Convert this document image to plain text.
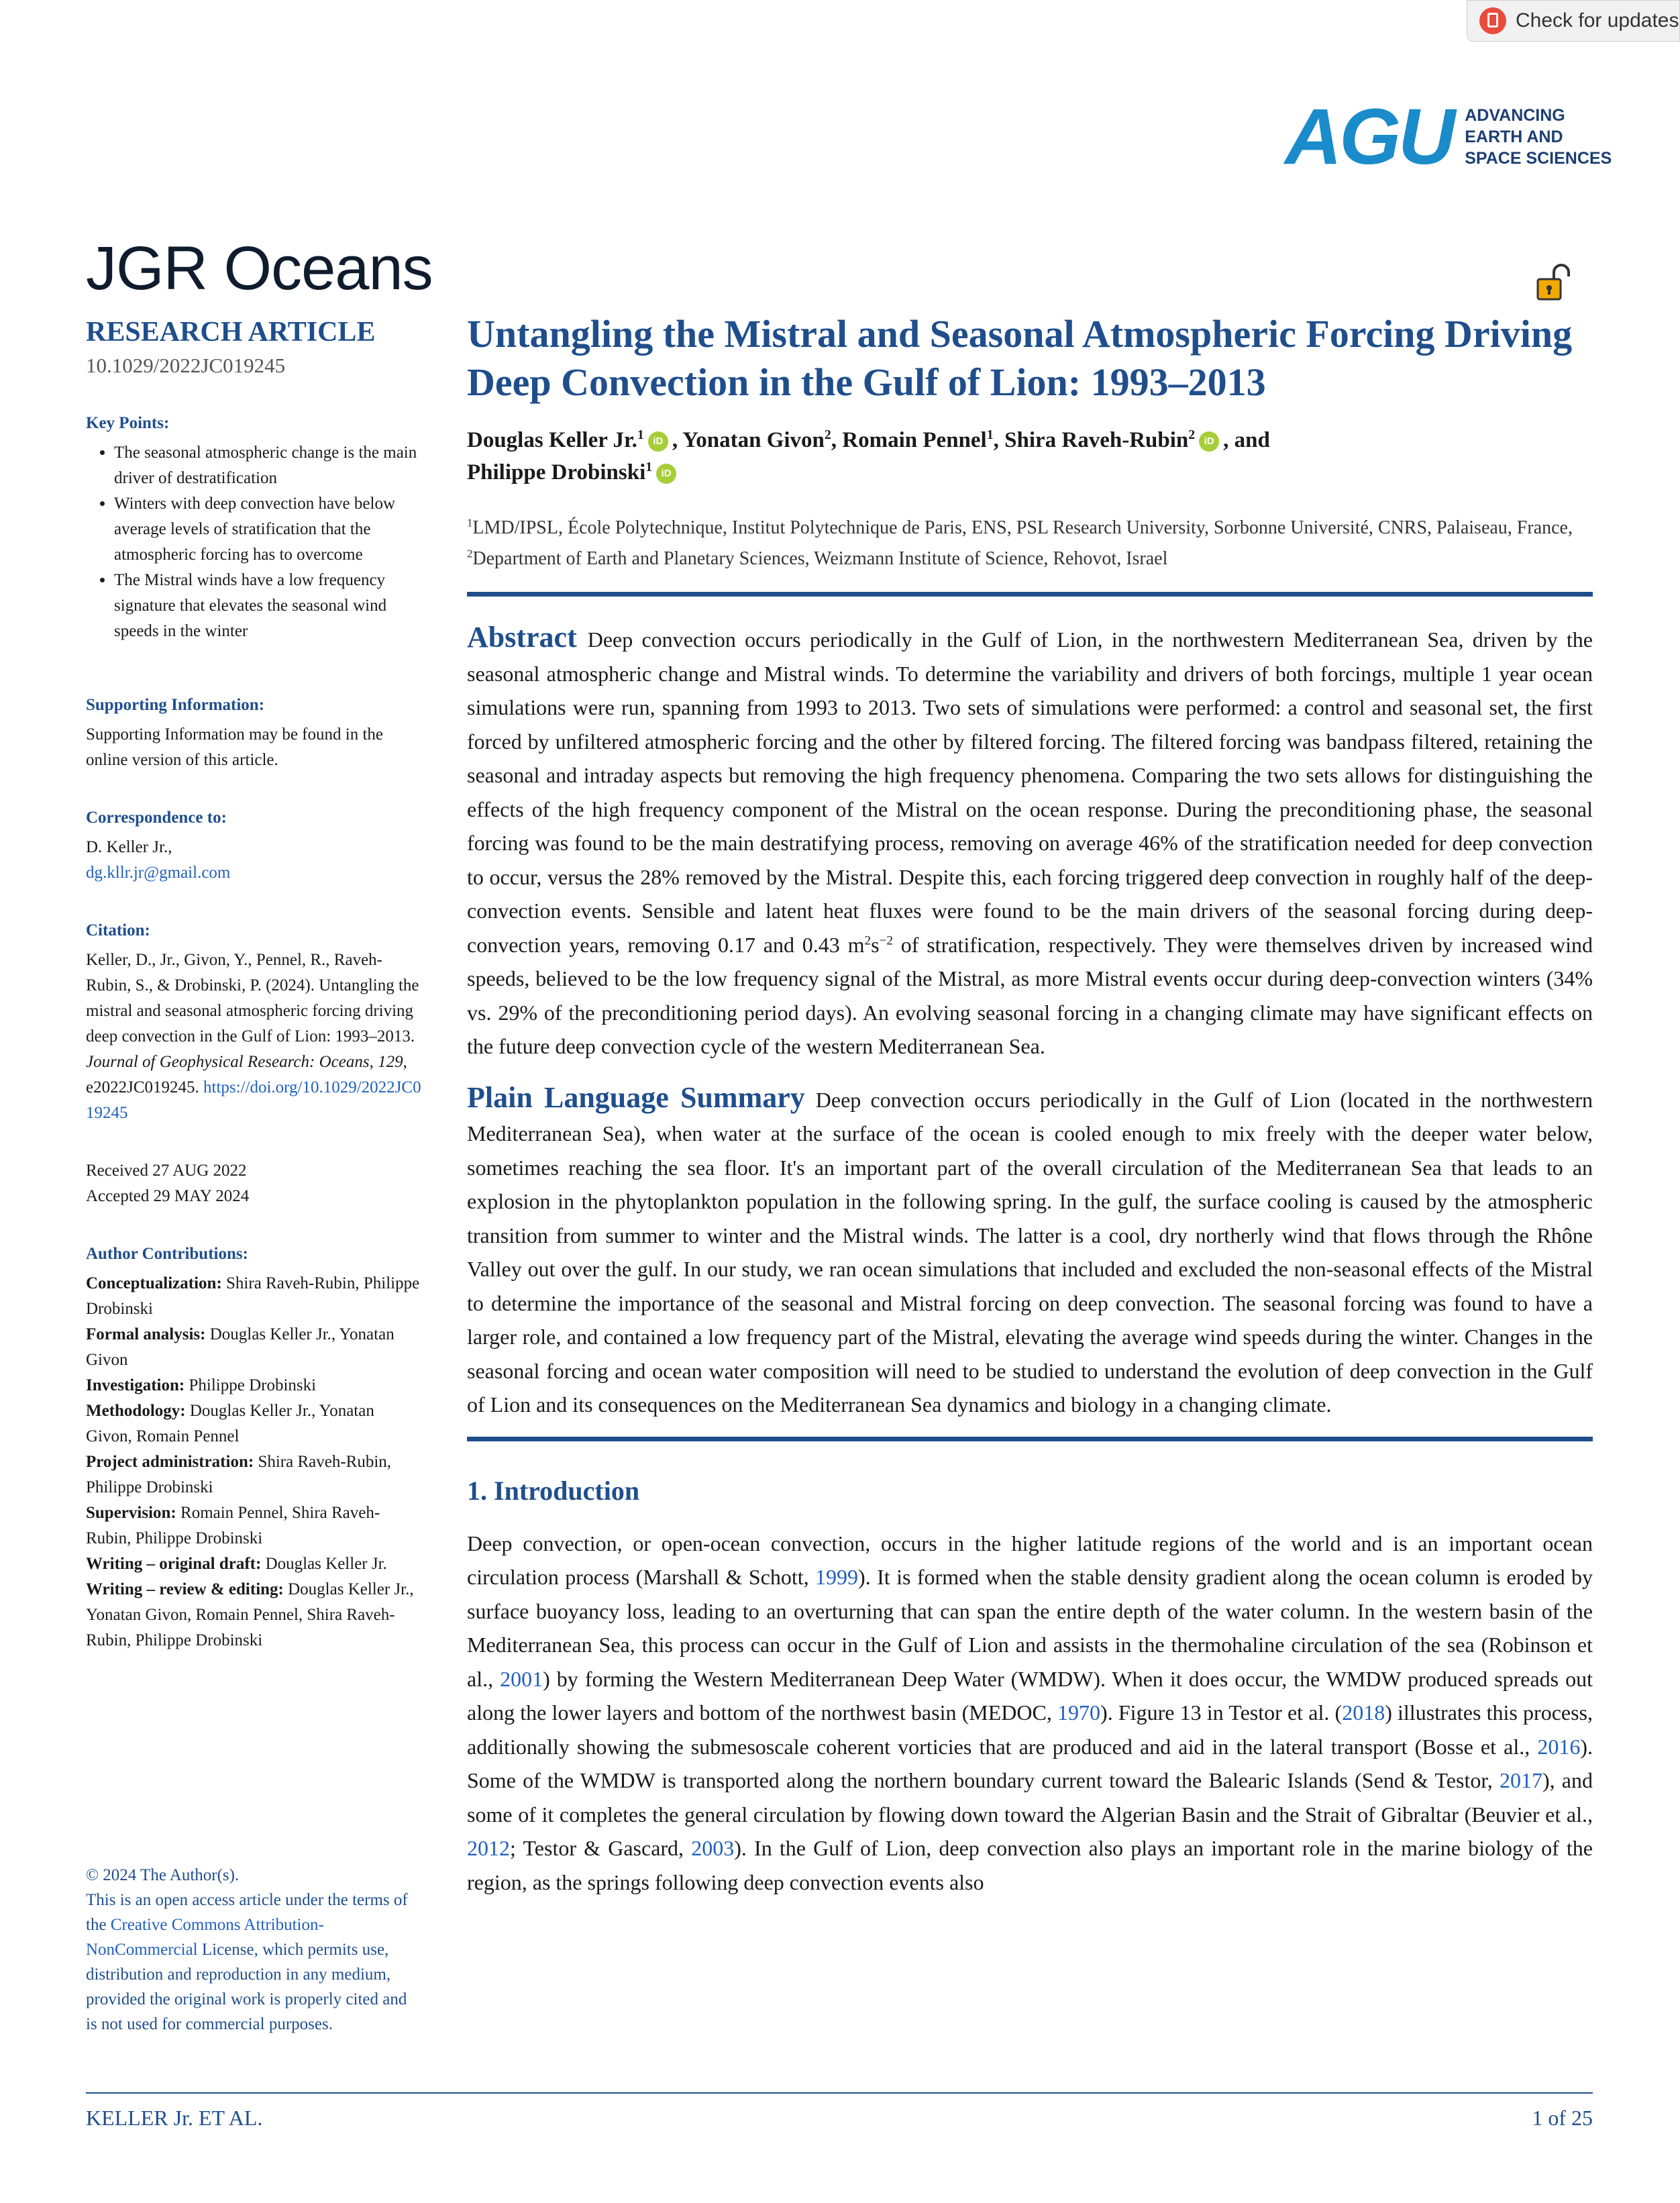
Check for updates
AGU ADVANCING
EARTH AND
SPACE SCIENCES
JGR Oceans
RESEARCH ARTICLE
10.1029/2022JC019245
Key Points:
• The seasonal atmospheric change is the main driver of destratification
• Winters with deep convection have below average levels of stratification that the atmospheric forcing has to overcome
• The Mistral winds have a low frequency signature that elevates the seasonal wind speeds in the winter
Supporting Information:
Supporting Information may be found in the online version of this article.
Correspondence to:
D. Keller Jr.,
dg.kllr.jr@gmail.com
Citation:
Keller, D., Jr., Givon, Y., Pennel, R., Raveh-Rubin, S., & Drobinski, P. (2024). Untangling the mistral and seasonal atmospheric forcing driving deep convection in the Gulf of Lion: 1993–2013. Journal of Geophysical Research: Oceans, 129, e2022JC019245. https://doi.org/10.1029/2022JC019245
Received 27 AUG 2022
Accepted 29 MAY 2024
Author Contributions:
Conceptualization: Shira Raveh-Rubin, Philippe Drobinski
Formal analysis: Douglas Keller Jr., Yonatan Givon
Investigation: Philippe Drobinski
Methodology: Douglas Keller Jr., Yonatan Givon, Romain Pennel
Project administration: Shira Raveh-Rubin, Philippe Drobinski
Supervision: Romain Pennel, Shira Raveh-Rubin, Philippe Drobinski
Writing – original draft: Douglas Keller Jr.
Writing – review & editing: Douglas Keller Jr., Yonatan Givon, Romain Pennel, Shira Raveh-Rubin, Philippe Drobinski
© 2024 The Author(s).
This is an open access article under the terms of the Creative Commons Attribution-NonCommercial License, which permits use, distribution and reproduction in any medium, provided the original work is properly cited and is not used for commercial purposes.
Untangling the Mistral and Seasonal Atmospheric Forcing Driving Deep Convection in the Gulf of Lion: 1993–2013
Douglas Keller Jr.$^1$ iD , Yonatan Givon$^2$, Romain Pennel$^1$, Shira Raveh-Rubin$^2$ iD , and
Philippe Drobinski$^1$ iD
$^1$LMD/IPSL, École Polytechnique, Institut Polytechnique de Paris, ENS, PSL Research University, Sorbonne Université, CNRS, Palaiseau, France, $^2$Department of Earth and Planetary Sciences, Weizmann Institute of Science, Rehovot, Israel
Abstract Deep convection occurs periodically in the Gulf of Lion, in the northwestern Mediterranean Sea, driven by the seasonal atmospheric change and Mistral winds. To determine the variability and drivers of both forcings, multiple 1 year ocean simulations were run, spanning from 1993 to 2013. Two sets of simulations were performed: a control and seasonal set, the first forced by unfiltered atmospheric forcing and the other by filtered forcing. The filtered forcing was bandpass filtered, retaining the seasonal and intraday aspects but removing the high frequency phenomena. Comparing the two sets allows for distinguishing the effects of the high frequency component of the Mistral on the ocean response. During the preconditioning phase, the seasonal forcing was found to be the main destratifying process, removing on average 46% of the stratification needed for deep convection to occur, versus the 28% removed by the Mistral. Despite this, each forcing triggered deep convection in roughly half of the deep-convection events. Sensible and latent heat fluxes were found to be the main drivers of the seasonal forcing during deep-convection years, removing 0.17 and 0.43 $m^2s^{-2}$ of stratification, respectively. They were themselves driven by increased wind speeds, believed to be the low frequency signal of the Mistral, as more Mistral events occur during deep-convection winters (34% vs. 29% of the preconditioning period days). An evolving seasonal forcing in a changing climate may have significant effects on the future deep convection cycle of the western Mediterranean Sea.
Plain Language Summary Deep convection occurs periodically in the Gulf of Lion (located in the northwestern Mediterranean Sea), when water at the surface of the ocean is cooled enough to mix freely with the deeper water below, sometimes reaching the sea floor. It's an important part of the overall circulation of the Mediterranean Sea that leads to an explosion in the phytoplankton population in the following spring. In the gulf, the surface cooling is caused by the atmospheric transition from summer to winter and the Mistral winds. The latter is a cool, dry northerly wind that flows through the Rhône Valley out over the gulf. In our study, we ran ocean simulations that included and excluded the non-seasonal effects of the Mistral to determine the importance of the seasonal and Mistral forcing on deep convection. The seasonal forcing was found to have a larger role, and contained a low frequency part of the Mistral, elevating the average wind speeds during the winter. Changes in the seasonal forcing and ocean water composition will need to be studied to understand the evolution of deep convection in the Gulf of Lion and its consequences on the Mediterranean Sea dynamics and biology in a changing climate.
1. Introduction
Deep convection, or open-ocean convection, occurs in the higher latitude regions of the world and is an important ocean circulation process (Marshall & Schott, 1999). It is formed when the stable density gradient along the ocean column is eroded by surface buoyancy loss, leading to an overturning that can span the entire depth of the water column. In the western basin of the Mediterranean Sea, this process can occur in the Gulf of Lion and assists in the thermohaline circulation of the sea (Robinson et al., 2001) by forming the Western Mediterranean Deep Water (WMDW). When it does occur, the WMDW produced spreads out along the lower layers and bottom of the northwest basin (MEDOC, 1970). Figure 13 in Testor et al. (2018) illustrates this process, additionally showing the submesoscale coherent vorticies that are produced and aid in the lateral transport (Bosse et al., 2016). Some of the WMDW is transported along the northern boundary current toward the Balearic Islands (Send & Testor, 2017), and some of it completes the general circulation by flowing down toward the Algerian Basin and the Strait of Gibraltar (Beuvier et al., 2012; Testor & Gascard, 2003). In the Gulf of Lion, deep convection also plays an important role in the marine biology of the region, as the springs following deep convection events also
KELLER Jr. ET AL.	1 of 25
